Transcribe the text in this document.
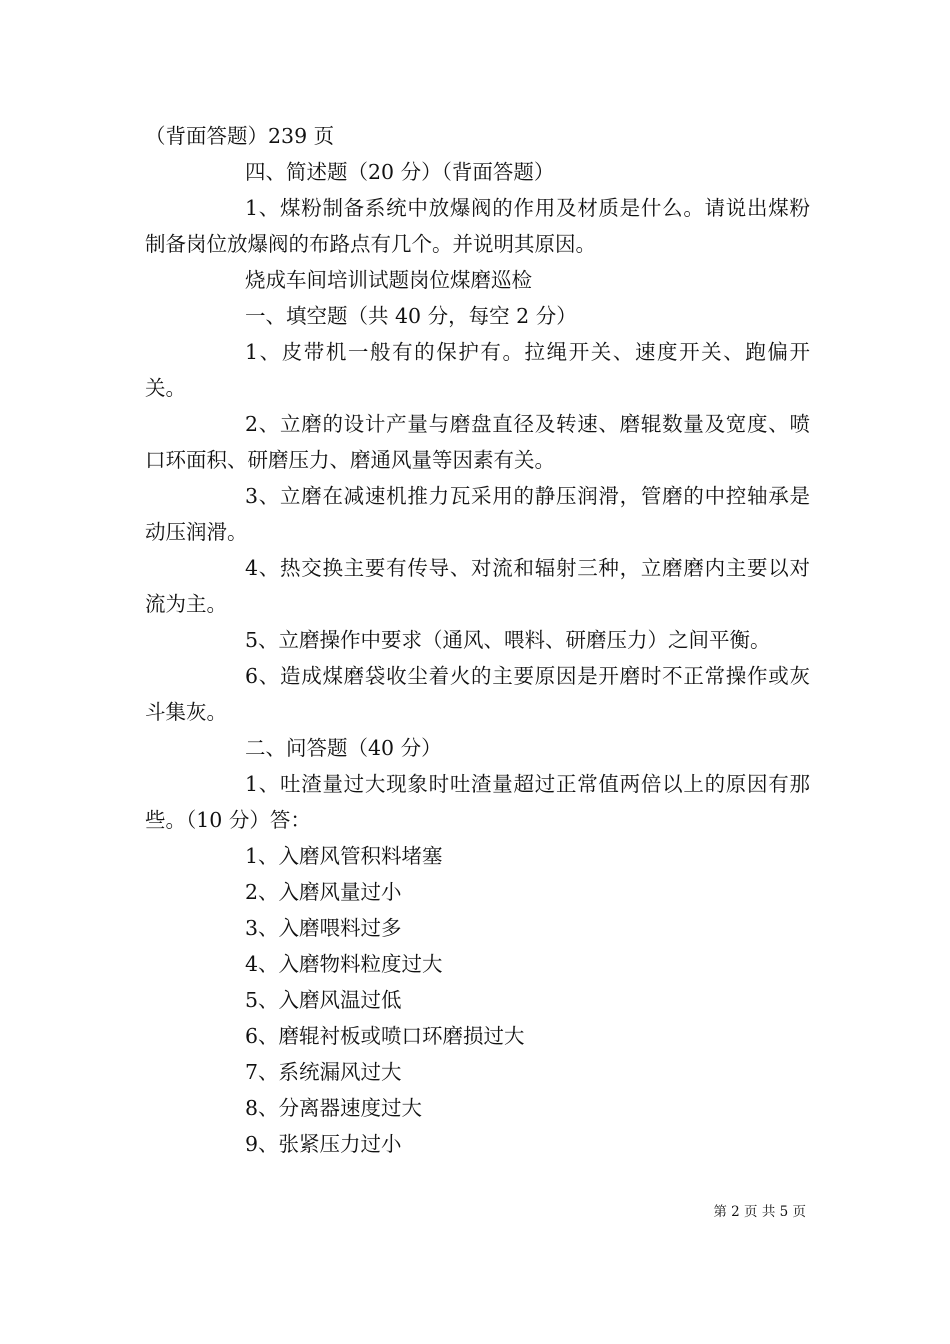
（背面答题）239 页

四、简述题（20 分）（背面答题）

1、煤粉制备系统中放爆阀的作用及材质是什么。请说出煤粉制备岗位放爆阀的布路点有几个。并说明其原因。

烧成车间培训试题岗位煤磨巡检

一、填空题（共 40 分，每空 2 分）

1、皮带机一般有的保护有。拉绳开关、速度开关、跑偏开关。

2、立磨的设计产量与磨盘直径及转速、磨辊数量及宽度、喷口环面积、研磨压力、磨通风量等因素有关。

3、立磨在减速机推力瓦采用的静压润滑，管磨的中控轴承是动压润滑。

4、热交换主要有传导、对流和辐射三种，立磨磨内主要以对流为主。

5、立磨操作中要求（通风、喂料、研磨压力）之间平衡。

6、造成煤磨袋收尘着火的主要原因是开磨时不正常操作或灰斗集灰。

二、问答题（40 分）

1、吐渣量过大现象时吐渣量超过正常值两倍以上的原因有那些。（10 分）答：

1、入磨风管积料堵塞

2、入磨风量过小

3、入磨喂料过多

4、入磨物料粒度过大

5、入磨风温过低

6、磨辊衬板或喷口环磨损过大

7、系统漏风过大

8、分离器速度过大

9、张紧压力过小

第 2 页 共 5 页
